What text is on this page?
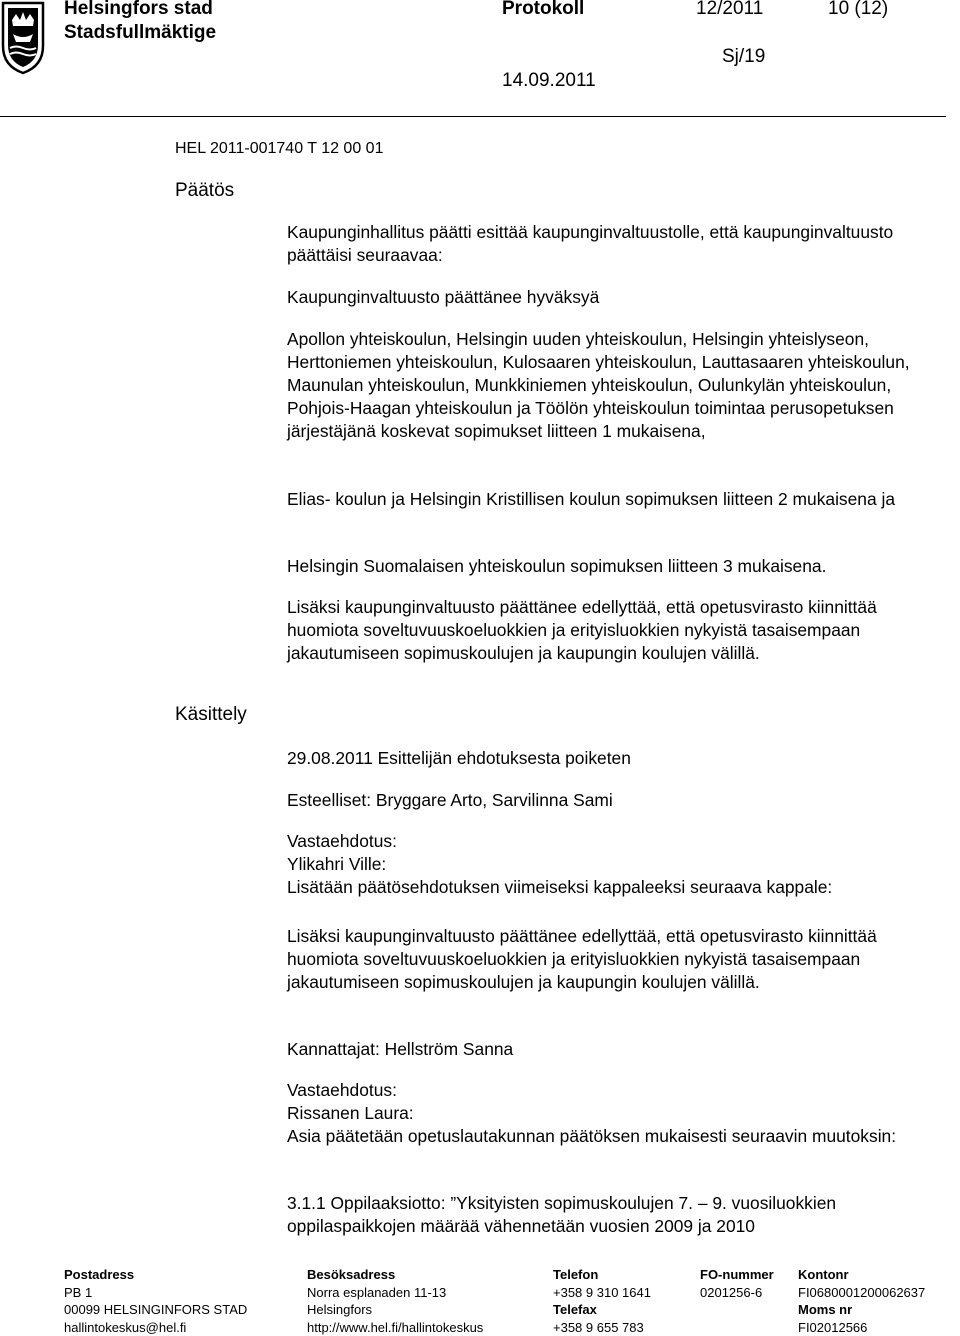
Helsingfors stad
Stadsfullmäktige
Protokoll	12/2011	10 (12)
Sj/19
14.09.2011
HEL 2011-001740 T 12 00 01
Päätös
Käsittely
Kaupunginhallitus päätti esittää kaupunginvaltuustolle, että kaupunginvaltuusto päättäisi seuraavaa:
Kaupunginvaltuusto päättänee hyväksyä
Apollon yhteiskoulun, Helsingin uuden yhteiskoulun, Helsingin yhteislyseon, Herttoniemen yhteiskoulun, Kulosaaren yhteiskoulun, Lauttasaaren yhteiskoulun, Maunulan yhteiskoulun, Munkkiniemen yhteiskoulun, Oulunkylän yhteiskoulun, Pohjois-Haagan yhteiskoulun ja Töölön yhteiskoulun toimintaa perusopetuksen järjestäjänä koskevat sopimukset liitteen 1 mukaisena,
Elias- koulun ja Helsingin Kristillisen koulun sopimuksen liitteen 2 mukaisena ja
Helsingin Suomalaisen yhteiskoulun sopimuksen liitteen 3 mukaisena.
Lisäksi kaupunginvaltuusto päättänee edellyttää, että opetusvirasto kiinnittää huomiota soveltuvuuskoeluokkien ja erityisluokkien nykyistä tasaisempaan jakautumiseen sopimuskoulujen ja kaupungin koulujen välillä.
29.08.2011 Esittelijän ehdotuksesta poiketen
Esteelliset: Bryggare Arto, Sarvilinna Sami
Vastaehdotus:
Ylikahri Ville:
Lisätään päätösehdotuksen viimeiseksi kappaleeksi seuraava kappale:
Lisäksi kaupunginvaltuusto päättänee edellyttää, että opetusvirasto kiinnittää huomiota soveltuvuuskoeluokkien ja erityisluokkien nykyistä tasaisempaan jakautumiseen sopimuskoulujen ja kaupungin koulujen välillä.
Kannattajat: Hellström Sanna
Vastaehdotus:
Rissanen Laura:
Asia päätetään opetuslautakunnan päätöksen mukaisesti seuraavin muutoksin:
3.1.1 Oppilaaksiotto: ”Yksityisten sopimuskoulujen 7. – 9. vuosiluokkien oppilaspaikkojen määrää vähennetään vuosien 2009 ja 2010
Postadress
PB 1
00099 HELSINGINFORS STAD
hallintokeskus@hel.fi
Besöksadress
Norra esplanaden 11-13
Helsingfors
http://www.hel.fi/hallintokeskus
Telefon
+358 9 310 1641
Telefax
+358 9 655 783
FO-nummer
0201256-6
Kontonr
FI0680001200062637
Moms nr
FI02012566
